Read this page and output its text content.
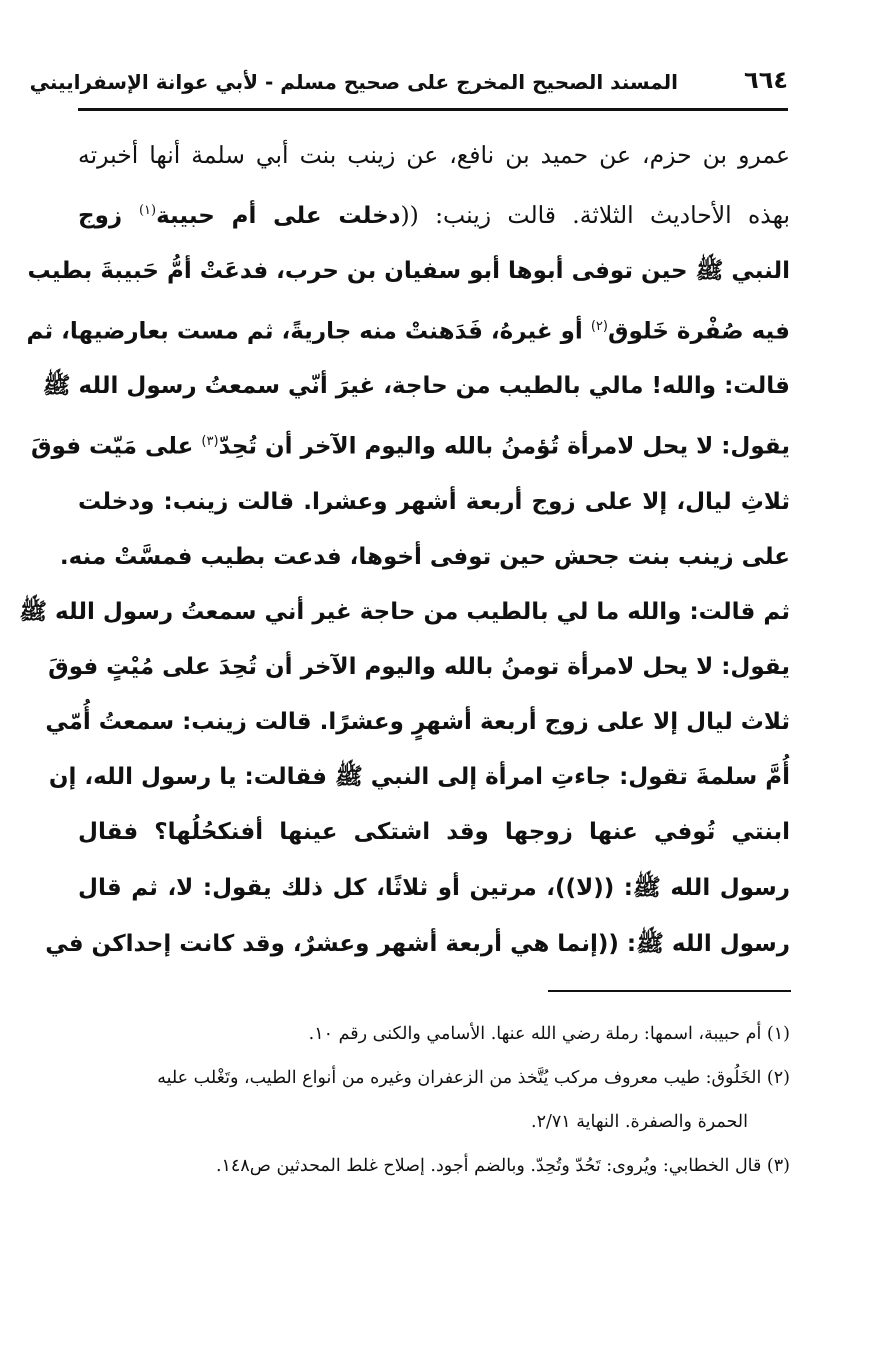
٦٦٤
المسند الصحيح المخرج على صحيح مسلم - لأبي عوانة الإسفراييني

عمرو بن حزم، عن حميد بن نافع، عن زينب بنت أبي سلمة أنها أخبرته

بهذه الأحاديث الثلاثة. قالت زينب: ((دخلت على أم حبيبة$^{(١)}$ زوج

النبي ﷺ حين توفى أبوها أبو سفيان بن حرب، فدعَتْ أمُّ حَبيبةَ بطيب

فيه صُفْرة خَلوق$^{(٢)}$ أو غيرهُ، فَدَهنتْ منه جاريةً، ثم مست بعارضيها، ثم

قالت: والله! مالي بالطيب من حاجة، غيرَ أنّي سمعتُ رسول الله ﷺ

يقول: لا يحل لامرأة تُؤمنُ بالله واليوم الآخر أن تُحِدّ$^{(٣)}$ على مَيّت فوقَ

ثلاثِ ليال، إلا على زوج أربعة أشهر وعشرا. قالت زينب: ودخلت

على زينب بنت جحش حين توفى أخوها، فدعت بطيب فمسَّتْ منه.

ثم قالت: والله ما لي بالطيب من حاجة غير أني سمعتُ رسول الله ﷺ

يقول: لا يحل لامرأة تومنُ بالله واليوم الآخر أن تُحِدَ على مُيْتٍ فوقَ

ثلاث ليال إلا على زوج أربعة أشهرٍ وعشرًا. قالت زينب: سمعتُ أُمّي

أُمَّ سلمةَ تقول: جاءتِ امرأة إلى النبي ﷺ فقالت: يا رسول الله، إن

ابنتي تُوفي عنها زوجها وقد اشتكى عينها أفنكحُلُها؟ فقال

رسول الله ﷺ: ((لا))، مرتين أو ثلاثًا، كل ذلك يقول: لا، ثم قال

رسول الله ﷺ: ((إنما هي أربعة أشهر وعشرٌ، وقد كانت إحداكن في

(١) أم حبيبة، اسمها: رملة رضي الله عنها. الأسامي والكنى رقم ١٠.

(٢) الخَلُوق: طيب معروف مركب يُتَّخذ من الزعفران وغيره من أنواع الطيب، وتَغْلب عليه

الحمرة والصفرة. النهاية ٢/٧١.

(٣) قال الخطابي: ويُروى: تَحُدّ وتُحِدّ. وبالضم أجود. إصلاح غلط المحدثين ص١٤٨.
